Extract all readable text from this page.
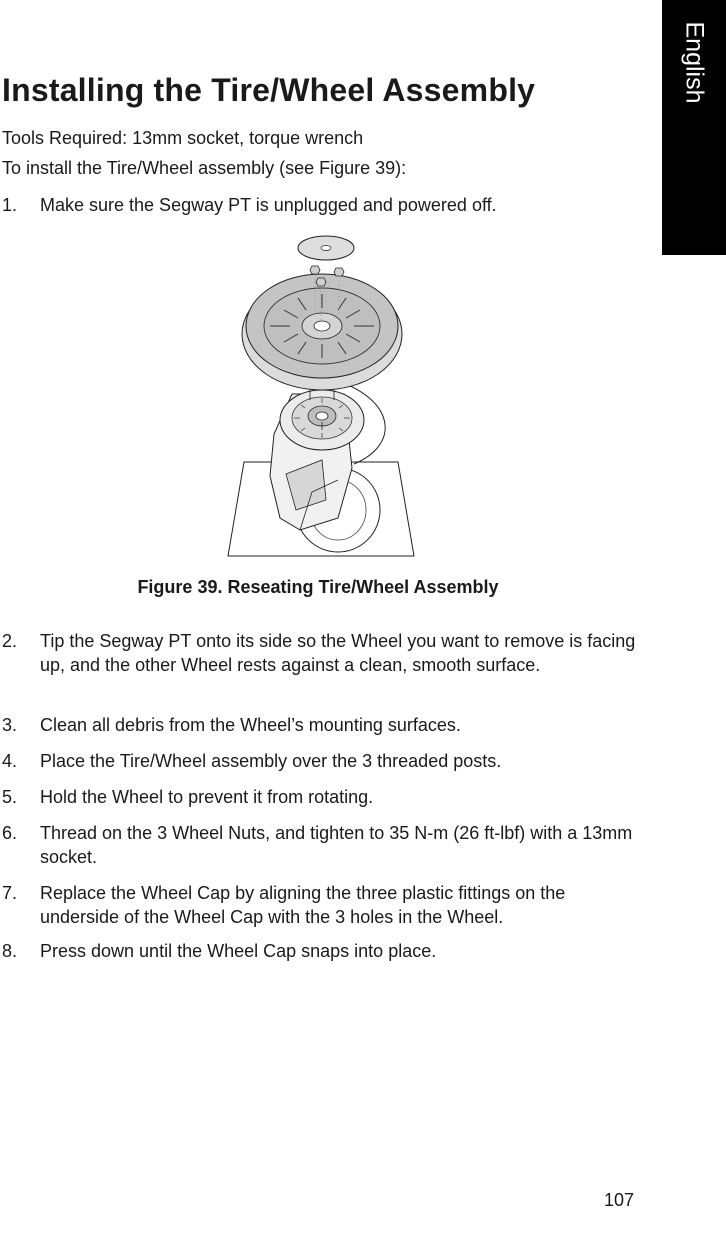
English
Installing the Tire/Wheel Assembly

Tools Required: 13mm socket, torque wrench

To install the Tire/Wheel assembly (see Figure 39):

1. Make sure the Segway PT is unplugged and powered off.

Figure 39. Reseating Tire/Wheel Assembly

2. Tip the Segway PT onto its side so the Wheel you want to remove is facing up, and the other Wheel rests against a clean, smooth surface.
3. Clean all debris from the Wheel’s mounting surfaces.
4. Place the Tire/Wheel assembly over the 3 threaded posts.
5. Hold the Wheel to prevent it from rotating.
6. Thread on the 3 Wheel Nuts, and tighten to 35 N-m (26 ft-lbf) with a 13mm socket.
7. Replace the Wheel Cap by aligning the three plastic fittings on the underside of the Wheel Cap with the 3 holes in the Wheel.
8. Press down until the Wheel Cap snaps into place.
107
